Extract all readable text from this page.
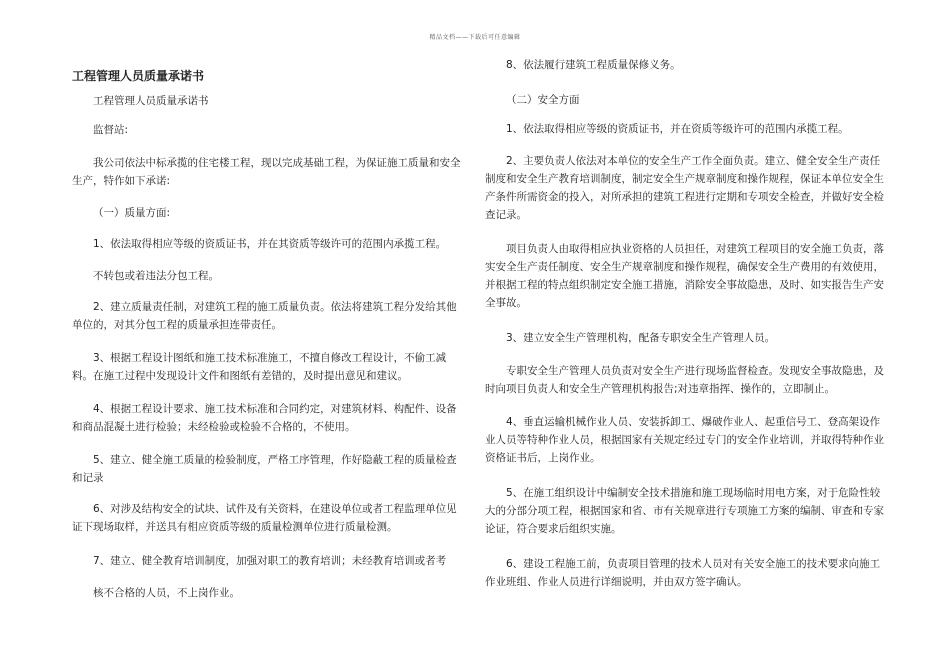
精品文档——下载后可任意编辑

工程管理人员质量承诺书

工程管理人员质量承诺书

监督站:

我公司依法中标承揽的住宅楼工程，现以完成基础工程，为保证施工质量和安全生产，特作如下承诺:

（一）质量方面:

1、依法取得相应等级的资质证书，并在其资质等级许可的范围内承揽工程。

不转包或着违法分包工程。

2、建立质量责任制，对建筑工程的施工质量负责。依法将建筑工程分发给其他单位的，对其分包工程的质量承担连带责任。

3、根据工程设计图纸和施工技术标准施工，不擅自修改工程设计，不偷工减料。在施工过程中发现设计文件和图纸有差错的，及时提出意见和建议。

4、根据工程设计要求、施工技术标准和合同约定，对建筑材料、构配件、设备和商品混凝土进行检验；未经检验或检验不合格的，不使用。

5、建立、健全施工质量的检验制度，严格工序管理，作好隐蔽工程的质量检查和记录

6、对涉及结构安全的试块、试件及有关资料，在建设单位或者工程监理单位见证下现场取样，并送具有相应资质等级的质量检测单位进行质量检测。

7、建立、健全教育培训制度，加强对职工的教育培训；未经教育培训或者考

核不合格的人员，不上岗作业。

8、依法履行建筑工程质量保修义务。

（二）安全方面

1、依法取得相应等级的资质证书，并在资质等级许可的范围内承揽工程。

2、主要负责人依法对本单位的安全生产工作全面负责。建立、健全安全生产责任制度和安全生产教育培训制度，制定安全生产规章制度和操作规程，保证本单位安全生产条件所需资金的投入，对所承担的建筑工程进行定期和专项安全检查，并做好安全检查记录。

项目负责人由取得相应执业资格的人员担任，对建筑工程项目的安全施工负责，落实安全生产责任制度、安全生产规章制度和操作规程，确保安全生产费用的有效使用，并根据工程的特点组织制定安全施工措施，消除安全事故隐患，及时、如实报告生产安全事故。

3、建立安全生产管理机构，配备专职安全生产管理人员。

专职安全生产管理人员负责对安全生产进行现场监督检查。发现安全事故隐患，及时向项目负责人和安全生产管理机构报告;对违章指挥、操作的，立即制止。

4、垂直运输机械作业人员、安装拆卸工、爆破作业人、起重信号工、登高架设作业人员等特种作业人员，根据国家有关规定经过专门的安全作业培训，并取得特种作业资格证书后，上岗作业。

5、在施工组织设计中编制安全技术措施和施工现场临时用电方案，对于危险性较大的分部分项工程，根据国家和省、市有关规章进行专项施工方案的编制、审查和专家论证，符合要求后组织实施。

6、建设工程施工前，负责项目管理的技术人员对有关安全施工的技术要求向施工作业班组、作业人员进行详细说明，并由双方签字确认。
